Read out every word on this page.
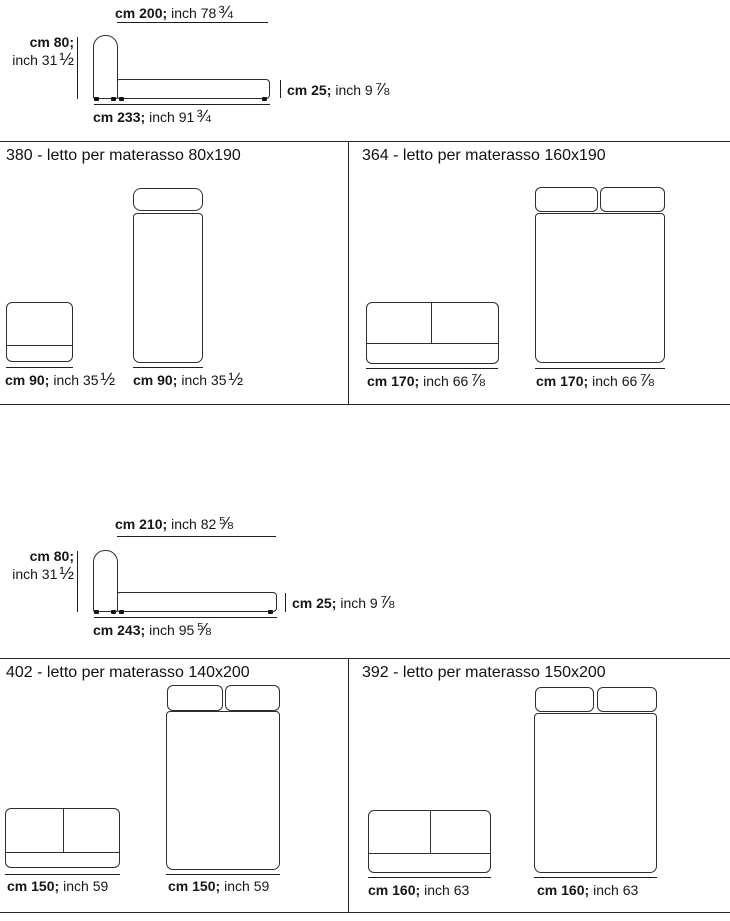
cm 200; inch 78 ¾
cm 80;
inch 31 ½
cm 25; inch 9 ⅞
cm 233; inch 91 ¾
380 - letto per materasso 80x190
cm 90; inch 35 ½ cm 90; inch 35 ½
364 - letto per materasso 160x190
cm 170; inch 66 ⅞	cm 170; inch 66 ⅞
cm 210; inch 82 ⅝
cm 80;
inch 31 ½
cm 25; inch 9 ⅞
cm 243; inch 95 ⅝
402 - letto per materasso 140x200
cm 150; inch 59	cm 150; inch 59
392 - letto per materasso 150x200
cm 160; inch 63	cm 160; inch 63
